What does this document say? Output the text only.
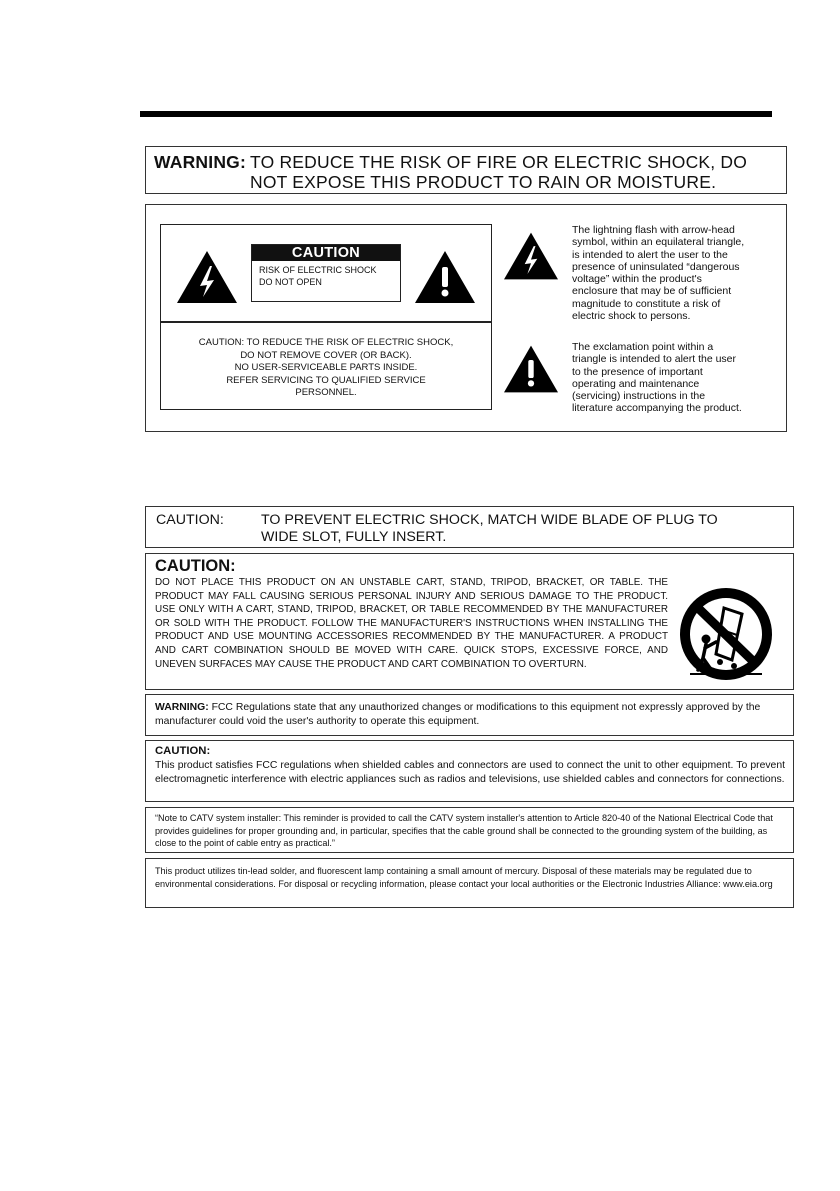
WARNING: TO REDUCE THE RISK OF FIRE OR ELECTRIC SHOCK, DO
NOT EXPOSE THIS PRODUCT TO RAIN OR MOISTURE.
CAUTION
RISK OF ELECTRIC SHOCK
DO NOT OPEN
CAUTION: TO REDUCE THE RISK OF ELECTRIC SHOCK,
DO NOT REMOVE COVER (OR BACK).
NO USER-SERVICEABLE PARTS INSIDE.
REFER SERVICING TO QUALIFIED SERVICE
PERSONNEL.
The lightning flash with arrow-head
symbol, within an equilateral triangle,
is intended to alert the user to the
presence of uninsulated “dangerous
voltage” within the product's
enclosure that may be of sufficient
magnitude to constitute a risk of
electric shock to persons.
The exclamation point within a
triangle is intended to alert the user
to the presence of important
operating and maintenance
(servicing) instructions in the
literature accompanying the product.
CAUTION:	TO PREVENT ELECTRIC SHOCK, MATCH WIDE BLADE OF PLUG TO
WIDE SLOT, FULLY INSERT.
CAUTION:
DO NOT PLACE THIS PRODUCT ON AN UNSTABLE CART, STAND, TRIPOD, BRACKET, OR TABLE. THE PRODUCT MAY FALL CAUSING SERIOUS PERSONAL INJURY AND SERIOUS DAMAGE TO THE PRODUCT. USE ONLY WITH A CART, STAND, TRIPOD, BRACKET, OR TABLE RECOMMENDED BY THE MANUFACTURER OR SOLD WITH THE PRODUCT. FOLLOW THE MANUFACTURER'S INSTRUCTIONS WHEN INSTALLING THE PRODUCT AND USE MOUNTING ACCESSORIES RECOMMENDED BY THE MANUFACTURER. A PRODUCT AND CART COMBINATION SHOULD BE MOVED WITH CARE. QUICK STOPS, EXCESSIVE FORCE, AND UNEVEN SURFACES MAY CAUSE THE PRODUCT AND CART COMBINATION TO OVERTURN.
WARNING: FCC Regulations state that any unauthorized changes or modifications to this equipment not expressly approved by the manufacturer could void the user's authority to operate this equipment.
CAUTION:
This product satisfies FCC regulations when shielded cables and connectors are used to connect the unit to other equipment. To prevent electromagnetic interference with electric appliances such as radios and televisions, use shielded cables and connectors for connections.
“Note to CATV system installer: This reminder is provided to call the CATV system installer's attention to Article 820-40 of the National Electrical Code that provides guidelines for proper grounding and, in particular, specifies that the cable ground shall be connected to the grounding system of the building, as close to the point of cable entry as practical.”
This product utilizes tin-lead solder, and fluorescent lamp containing a small amount of mercury. Disposal of these materials may be regulated due to environmental considerations. For disposal or recycling information, please contact your local authorities or the Electronic Industries Alliance: www.eia.org
